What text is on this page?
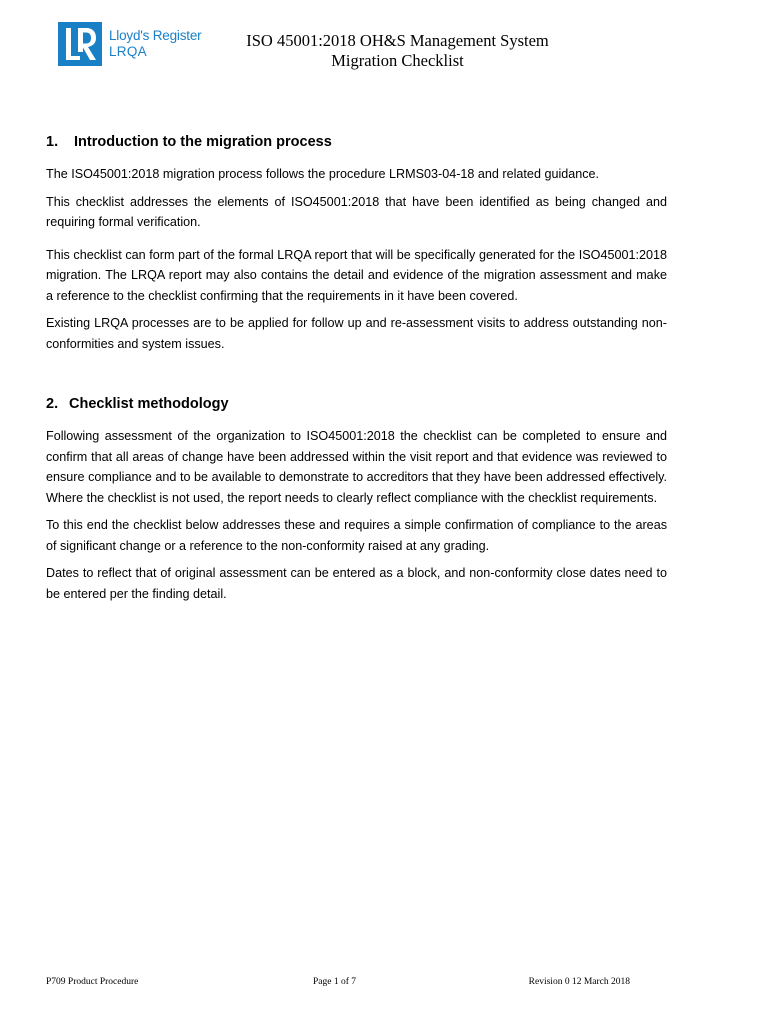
Lloyd's Register
LRQA
ISO 45001:2018 OH&S Management System
Migration Checklist
1. Introduction to the migration process

The ISO45001:2018 migration process follows the procedure LRMS03-04-18 and related guidance.

This checklist addresses the elements of ISO45001:2018 that have been identified as being changed and requiring formal verification.

This checklist can form part of the formal LRQA report that will be specifically generated for the ISO45001:2018 migration. The LRQA report may also contains the detail and evidence of the migration assessment and make a reference to the checklist confirming that the requirements in it have been covered.

Existing LRQA processes are to be applied for follow up and re-assessment visits to address outstanding non-conformities and system issues.

2. Checklist methodology

Following assessment of the organization to ISO45001:2018 the checklist can be completed to ensure and confirm that all areas of change have been addressed within the visit report and that evidence was reviewed to ensure compliance and to be available to demonstrate to accreditors that they have been addressed effectively. Where the checklist is not used, the report needs to clearly reflect compliance with the checklist requirements.

To this end the checklist below addresses these and requires a simple confirmation of compliance to the areas of significant change or a reference to the non-conformity raised at any grading.

Dates to reflect that of original assessment can be entered as a block, and non-conformity close dates need to be entered per the finding detail.

P709 Product Procedure	Page 1 of 7	Revision 0 12 March 2018
